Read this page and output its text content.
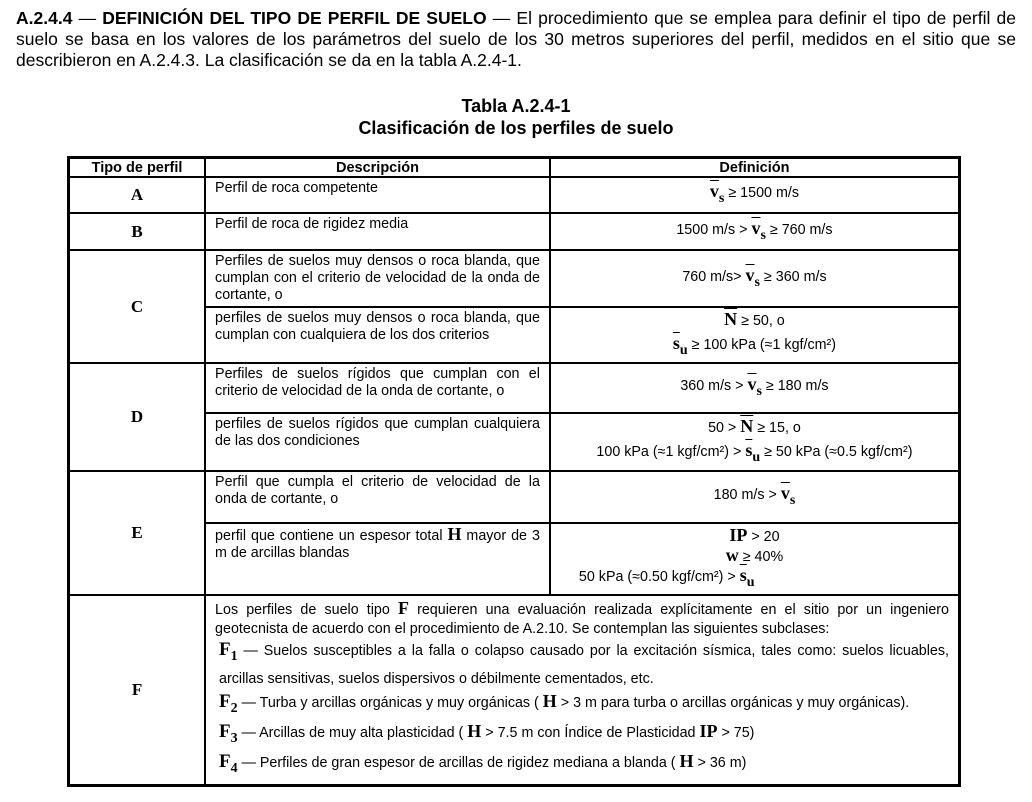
A.2.4.4 — DEFINICIÓN DEL TIPO DE PERFIL DE SUELO — El procedimiento que se emplea para definir el tipo de perfil de suelo se basa en los valores de los parámetros del suelo de los 30 metros superiores del perfil, medidos en el sitio que se describieron en A.2.4.3. La clasificación se da en la tabla A.2.4-1.
Tabla A.2.4-1
Clasificación de los perfiles de suelo
Tipo de perfil	Descripción	Definición
A	Perfil de roca competente	$\overline{v}s \ge 1500$ m/s
B	Perfil de roca de rigidez media	1500 $m/s > \overline{v}s \ge 760$ m/s
C	Perfiles de suelos muy densos o roca blanda, que cumplan con el criterio de velocidad de la onda de cortante, o	760 $m/s> \overline{v}s \ge 360$ m/s
	perfiles de suelos muy densos o roca blanda, que cumplan con cualquiera de los dos criterios	$\overline{N} \ge 50$, o
$\overline{s}u \ge 100$ kPa (≈1 kgf/cm²)

D	Perfiles de suelos rígidos que cumplan con el criterio de velocidad de la onda de cortante, o	360 $m/s > \overline{v}s \ge 180$ m/s
	perfiles de suelos rígidos que cumplan cualquiera de las dos condiciones	$50 > \overline{N} \ge 15$, o
100 kPa (≈1 $kgf/cm^2) > \overline{s}u \ge 50$ kPa (≈0.5 kgf/cm²)

E	Perfil que cumpla el criterio de velocidad de la onda de cortante, o	180 $m/s > \overline{v}s$
	perfil que contiene un espesor total H mayor de 3 m de arcillas blandas	IP > 20
w ≥ 40%
50 kPa (≈0.50 $kgf/cm^2) > \overline{s}u$

F	Los perfiles de suelo tipo F requieren una evaluación realizada explícitamente en el sitio por un ingeniero geotecnista de acuerdo con el procedimiento de A.2.10. Se contemplan las siguientes subclases:

F1 — Suelos susceptibles a la falla o colapso causado por la excitación sísmica, tales como: suelos licuables, arcillas sensitivas, suelos dispersivos o débilmente cementados, etc.

F2 — Turba y arcillas orgánicas y muy orgánicas ( H > 3 m para turba o arcillas orgánicas y muy orgánicas).

F3 — Arcillas de muy alta plasticidad ( H > 7.5 m con Índice de Plasticidad IP > 75)

F4 — Perfiles de gran espesor de arcillas de rigidez mediana a blanda ( H > 36 m)	
